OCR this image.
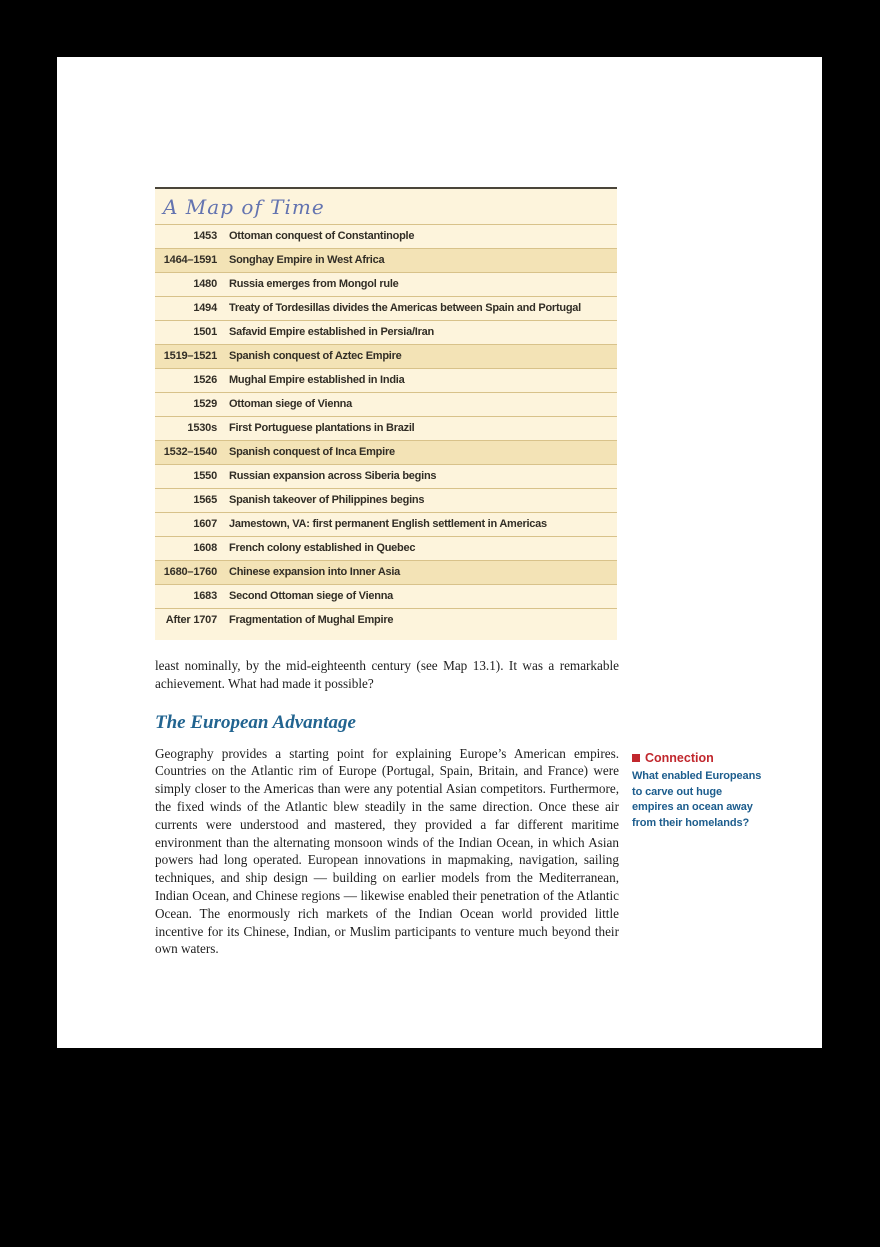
A Map of Time
1453 Ottoman conquest of Constantinople
1464–1591 Songhay Empire in West Africa
1480 Russia emerges from Mongol rule
1494 Treaty of Tordesillas divides the Americas between Spain and Portugal
1501 Safavid Empire established in Persia/Iran
1519–1521 Spanish conquest of Aztec Empire
1526 Mughal Empire established in India
1529 Ottoman siege of Vienna
1530s First Portuguese plantations in Brazil
1532–1540 Spanish conquest of Inca Empire
1550 Russian expansion across Siberia begins
1565 Spanish takeover of Philippines begins
1607 Jamestown, VA: first permanent English settlement in Americas
1608 French colony established in Quebec
1680–1760 Chinese expansion into Inner Asia
1683 Second Ottoman siege of Vienna
After 1707 Fragmentation of Mughal Empire

least nominally, by the mid-eighteenth century (see Map 13.1). It was a remarkable achievement. What had made it possible?

The European Advantage

Geography provides a starting point for explaining Europe’s American empires. Countries on the Atlantic rim of Europe (Portugal, Spain, Britain, and France) were simply closer to the Americas than were any potential Asian competitors. Furthermore, the fixed winds of the Atlantic blew steadily in the same direction. Once these air currents were understood and mastered, they provided a far different maritime environment than the alternating monsoon winds of the Indian Ocean, in which Asian powers had long operated. European innovations in mapmaking, navigation, sailing techniques, and ship design — building on earlier models from the Mediterranean, Indian Ocean, and Chinese regions — likewise enabled their penetration of the Atlantic Ocean. The enormously rich markets of the Indian Ocean world provided little incentive for its Chinese, Indian, or Muslim participants to venture much beyond their own waters.

Connection

What enabled Europeans to carve out huge empires an ocean away from their homelands?
